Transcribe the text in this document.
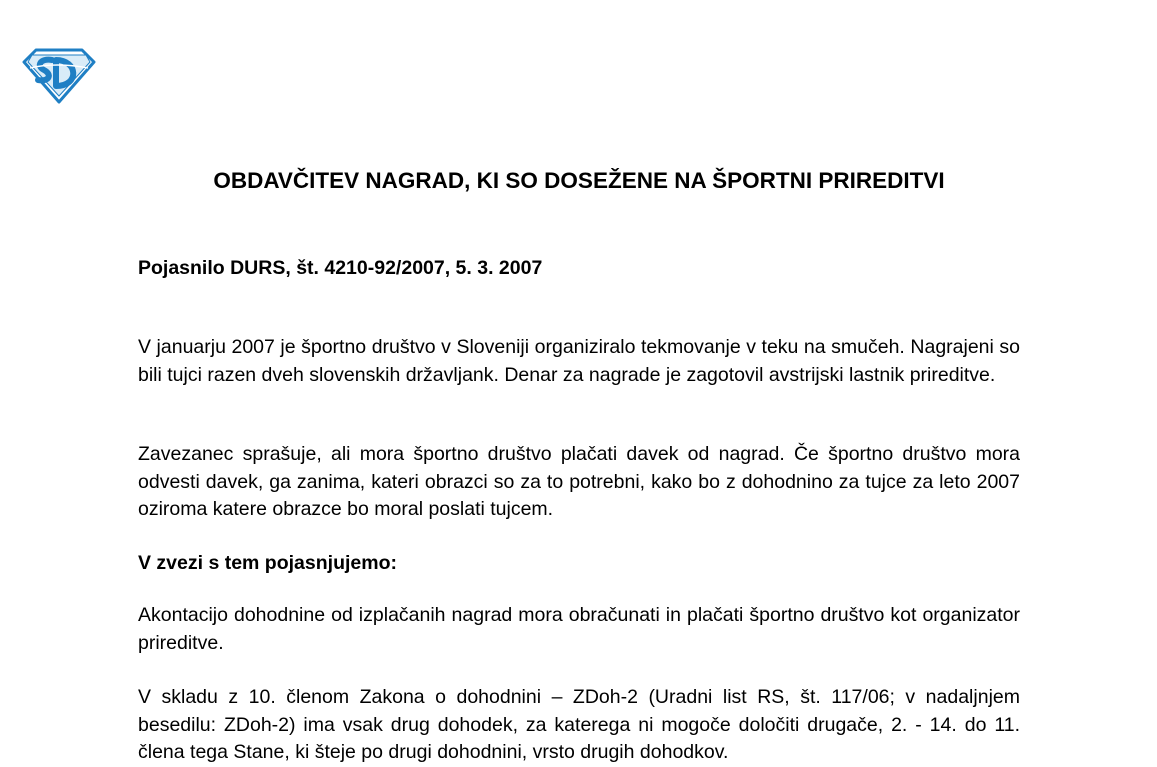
OBDAVČITEV NAGRAD, KI SO DOSEŽENE NA ŠPORTNI PRIREDITVI
Pojasnilo DURS, št. 4210-92/2007, 5. 3. 2007
V januarju 2007 je športno društvo v Sloveniji organiziralo tekmovanje v teku na smučeh. Nagrajeni so bili tujci razen dveh slovenskih državljank. Denar za nagrade je zagotovil avstrijski lastnik prireditve.
Zavezanec sprašuje, ali mora športno društvo plačati davek od nagrad. Če športno društvo mora odvesti davek, ga zanima, kateri obrazci so za to potrebni, kako bo z dohodnino za tujce za leto 2007 oziroma katere obrazce bo moral poslati tujcem.
V zvezi s tem pojasnjujemo:
Akontacijo dohodnine od izplačanih nagrad mora obračunati in plačati športno društvo kot organizator prireditve.
V skladu z 10. členom Zakona o dohodnini – ZDoh-2 (Uradni list RS, št. 117/06; v nadaljnjem besedilu: ZDoh-2) ima vsak drug dohodek, za katerega ni mogoče določiti drugače, 2. - 14. do 11. člena tega Stane, ki šteje po drugi dohodnini, vrsto drugih dohodkov.
